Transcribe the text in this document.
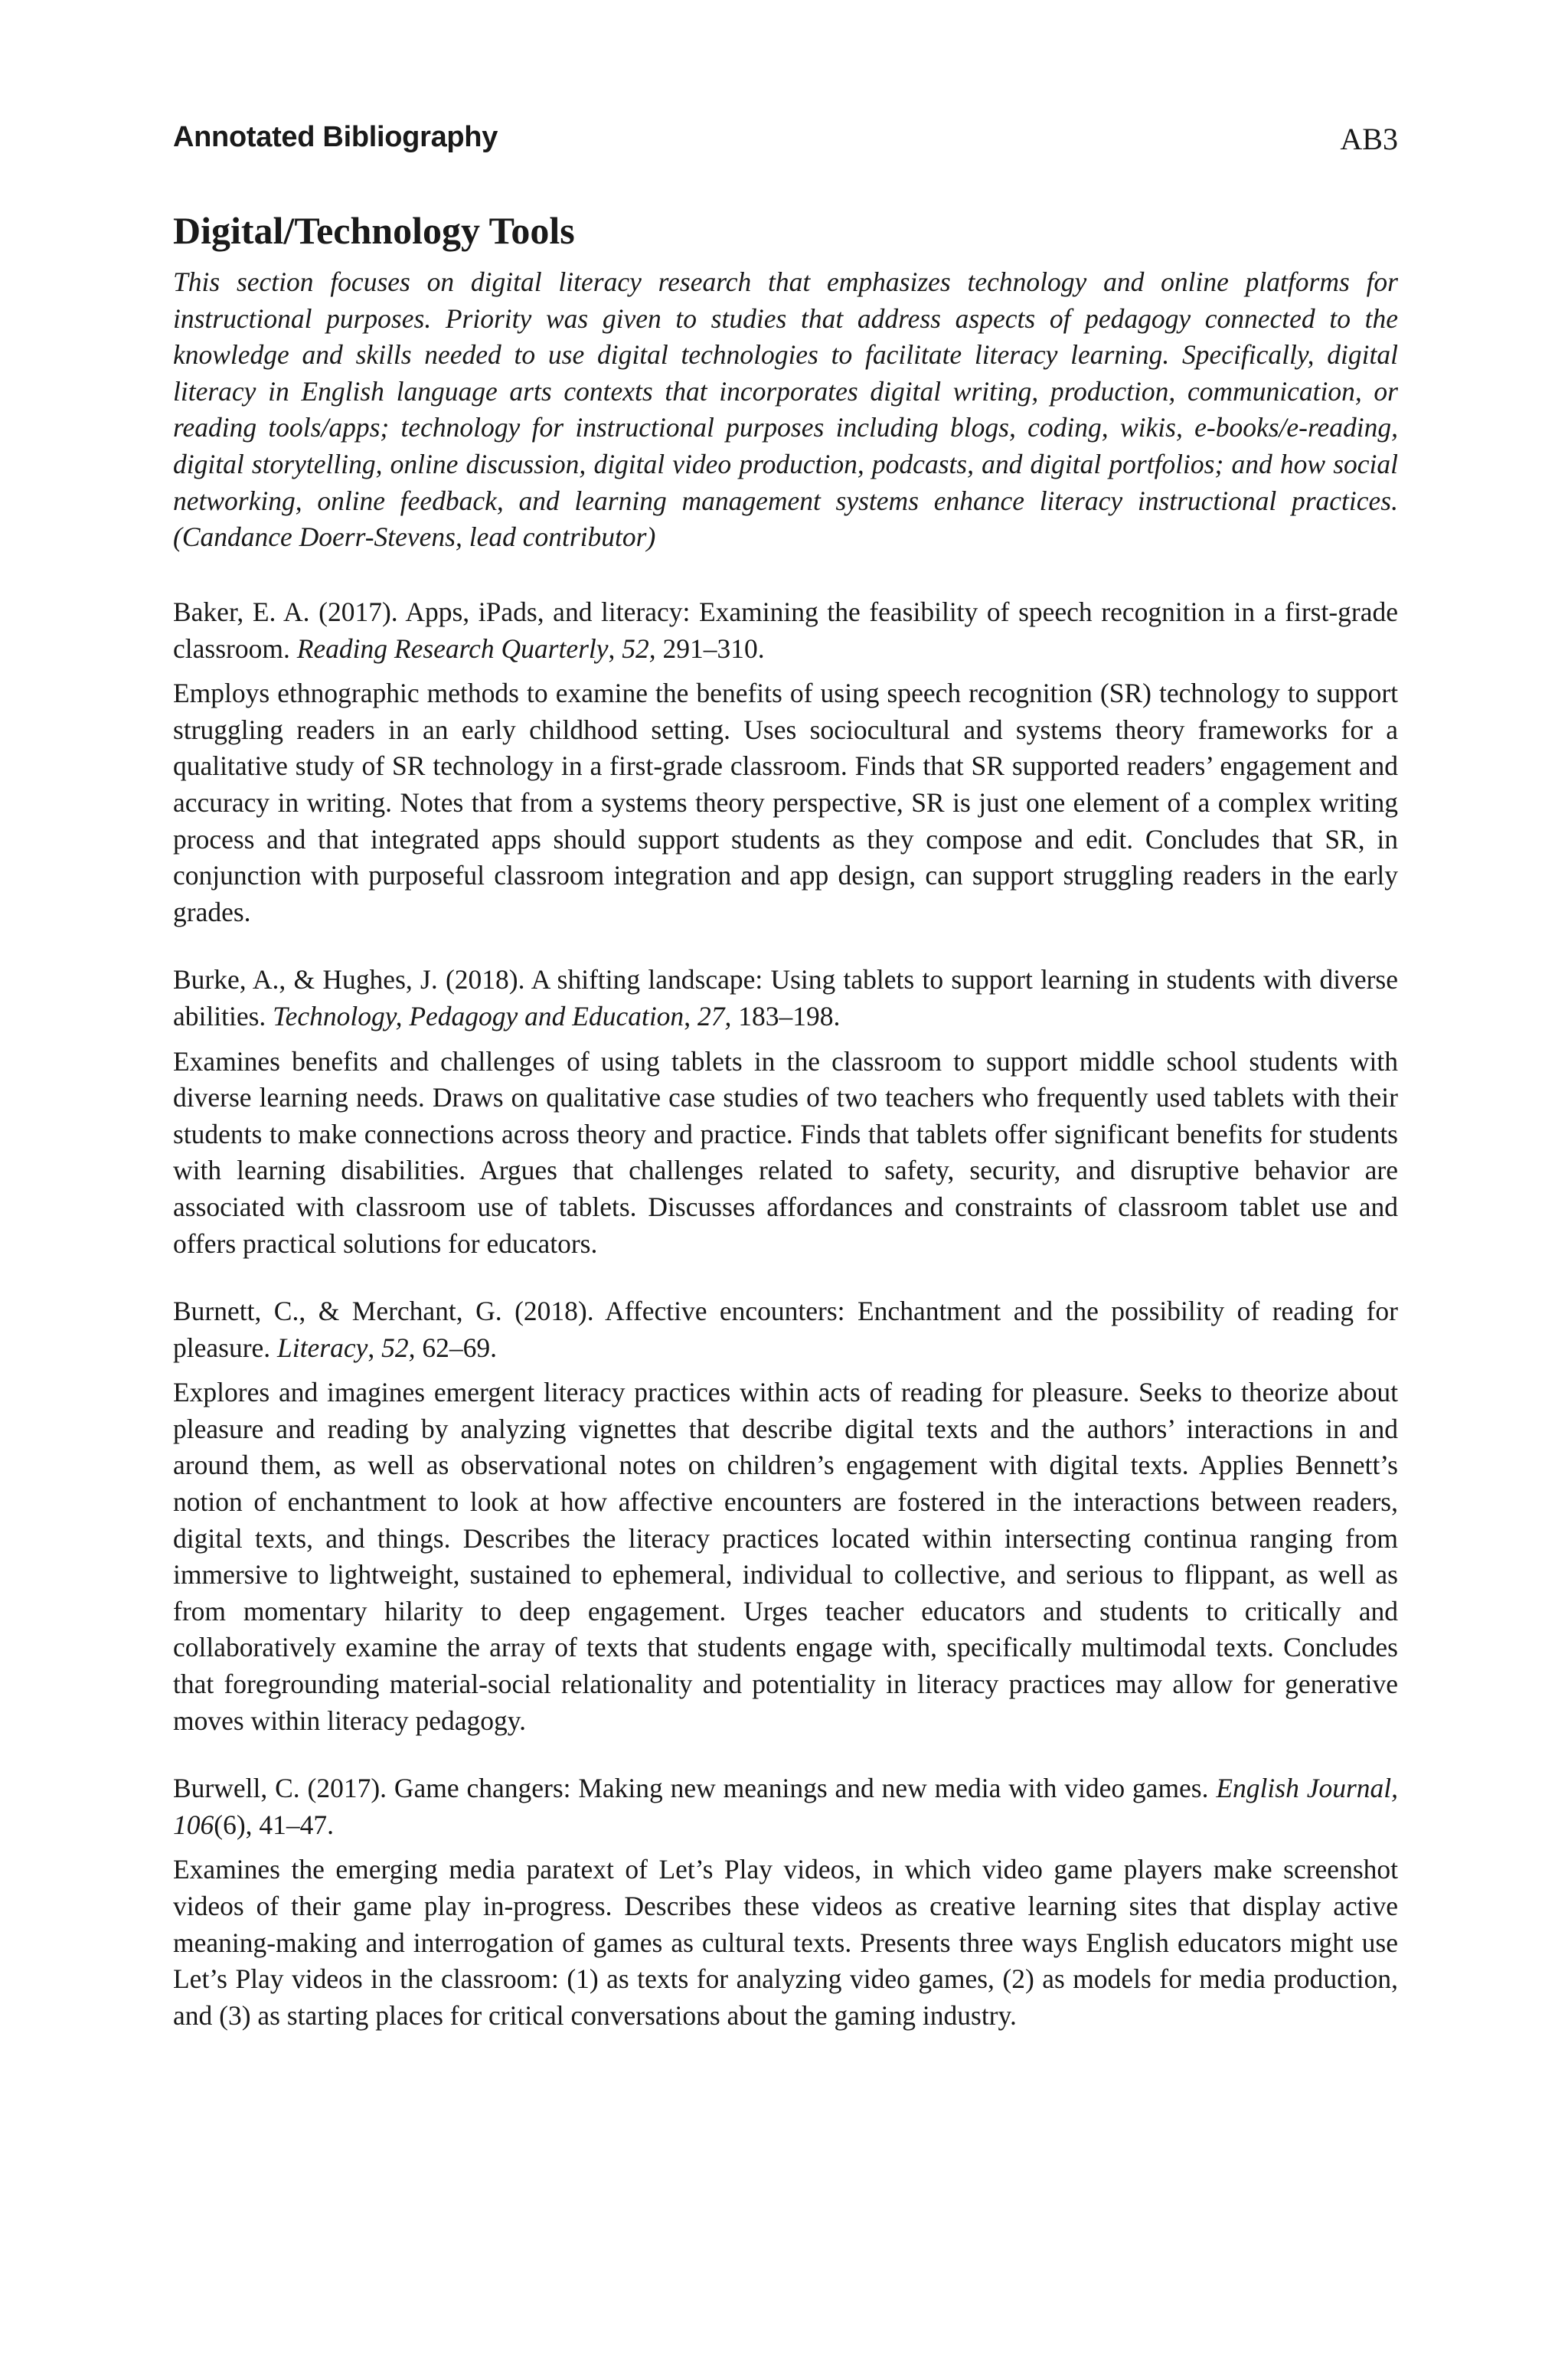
Annotated Bibliography	AB3
Digital/Technology Tools

This section focuses on digital literacy research that emphasizes technology and online platforms for instructional purposes. Priority was given to studies that address aspects of pedagogy connected to the knowledge and skills needed to use digital technologies to facilitate literacy learning. Specifically, digital literacy in English language arts contexts that incorporates digital writing, production, communication, or reading tools/apps; technology for instructional purposes including blogs, coding, wikis, e-books/e-reading, digital storytelling, online discussion, digital video production, podcasts, and digital portfolios; and how social networking, online feedback, and learning management systems enhance literacy instructional practices. (Candance Doerr-Stevens, lead contributor)

Baker, E. A. (2017). Apps, iPads, and literacy: Examining the feasibility of speech recognition in a first-grade classroom. Reading Research Quarterly, 52, 291–310.

Employs ethnographic methods to examine the benefits of using speech recognition (SR) technology to support struggling readers in an early childhood setting. Uses sociocultural and systems theory frameworks for a qualitative study of SR technology in a first-grade classroom. Finds that SR supported readers’ engagement and accuracy in writing. Notes that from a systems theory perspective, SR is just one element of a complex writing process and that integrated apps should support students as they compose and edit. Concludes that SR, in conjunction with purposeful classroom integration and app design, can support struggling readers in the early grades.

Burke, A., & Hughes, J. (2018). A shifting landscape: Using tablets to support learning in students with diverse abilities. Technology, Pedagogy and Education, 27, 183–198.

Examines benefits and challenges of using tablets in the classroom to support middle school students with diverse learning needs. Draws on qualitative case studies of two teachers who frequently used tablets with their students to make connections across theory and practice. Finds that tablets offer significant benefits for students with learning disabilities. Argues that challenges related to safety, security, and disruptive behavior are associated with classroom use of tablets. Discusses affordances and constraints of classroom tablet use and offers practical solutions for educators.

Burnett, C., & Merchant, G. (2018). Affective encounters: Enchantment and the possibility of reading for pleasure. Literacy, 52, 62–69.

Explores and imagines emergent literacy practices within acts of reading for pleasure. Seeks to theorize about pleasure and reading by analyzing vignettes that describe digital texts and the authors’ interactions in and around them, as well as observational notes on children’s engagement with digital texts. Applies Bennett’s notion of enchantment to look at how affective encounters are fostered in the interactions between readers, digital texts, and things. Describes the literacy practices located within intersecting continua ranging from immersive to lightweight, sustained to ephemeral, individual to collective, and serious to flippant, as well as from momentary hilarity to deep engagement. Urges teacher educators and students to critically and collaboratively examine the array of texts that students engage with, specifically multimodal texts. Concludes that foregrounding material-social relationality and potentiality in literacy practices may allow for generative moves within literacy pedagogy.

Burwell, C. (2017). Game changers: Making new meanings and new media with video games. English Journal, 106(6), 41–47.

Examines the emerging media paratext of Let’s Play videos, in which video game players make screenshot videos of their game play in-progress. Describes these videos as creative learning sites that display active meaning-making and interrogation of games as cultural texts. Presents three ways English educators might use Let’s Play videos in the classroom: (1) as texts for analyzing video games, (2) as models for media production, and (3) as starting places for critical conversations about the gaming industry.
